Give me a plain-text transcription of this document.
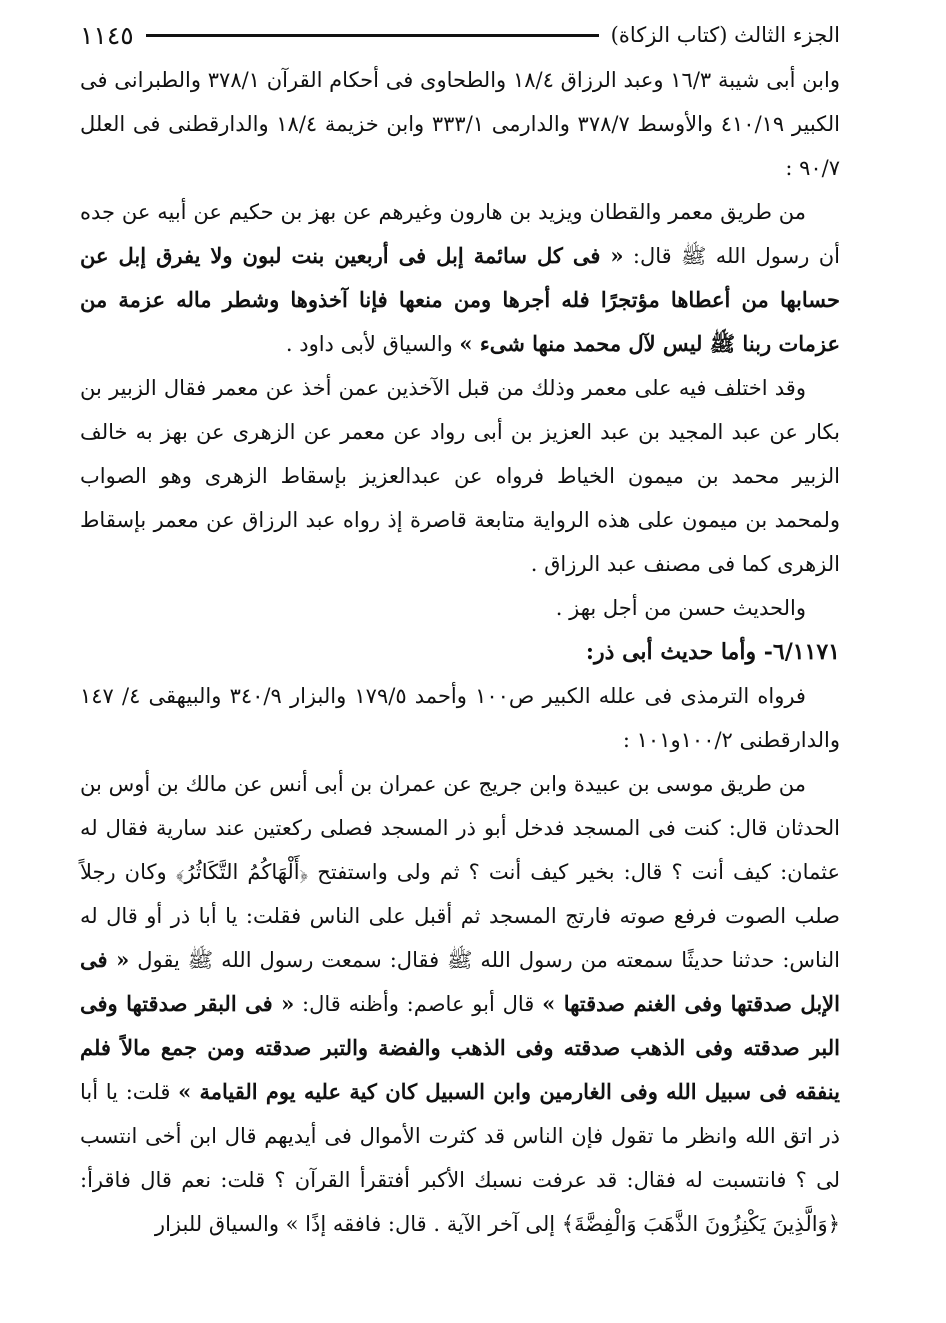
الجزء الثالث (كتاب الزكاة)
١١٤٥

وابن أبى شيبة ١٦/٣ وعبد الرزاق ١٨/٤ والطحاوى فى أحكام القرآن ٣٧٨/١ والطبرانى فى الكبير ٤١٠/١٩ والأوسط ٣٧٨/٧ والدارمى ٣٣٣/١ وابن خزيمة ١٨/٤ والدارقطنى فى العلل ٩٠/٧ :

من طريق معمر والقطان ويزيد بن هارون وغيرهم عن بهز بن حكيم عن أبيه عن جده أن رسول الله ﷺ قال: « فى كل سائمة إبل فى أربعين بنت لبون ولا يفرق إبل عن حسابها من أعطاها مؤتجرًا فله أجرها ومن منعها فإنا آخذوها وشطر ماله عزمة من عزمات ربنا ﷺ ليس لآل محمد منها شىء » والسياق لأبى داود .

وقد اختلف فيه على معمر وذلك من قبل الآخذين عمن أخذ عن معمر فقال الزبير بن بكار عن عبد المجيد بن عبد العزيز بن أبى رواد عن معمر عن الزهرى عن بهز به خالف الزبير محمد بن ميمون الخياط فرواه عن عبدالعزيز بإسقاط الزهرى وهو الصواب ولمحمد بن ميمون على هذه الرواية متابعة قاصرة إذ رواه عبد الرزاق عن معمر بإسقاط الزهرى كما فى مصنف عبد الرزاق .

والحديث حسن من أجل بهز .

٦/١١٧١- وأما حديث أبى ذر:

فرواه الترمذى فى علله الكبير ص١٠٠ وأحمد ١٧٩/٥ والبزار ٣٤٠/٩ والبيهقى ٤/ ١٤٧ والدارقطنى ١٠٠/٢و١٠١ :

من طريق موسى بن عبيدة وابن جريج عن عمران بن أبى أنس عن مالك بن أوس بن الحدثان قال: كنت فى المسجد فدخل أبو ذر المسجد فصلى ركعتين عند سارية فقال له عثمان: كيف أنت ؟ قال: بخير كيف أنت ؟ ثم ولى واستفتح ﴿أَلْهَاكُمُ التَّكَاثُرُ﴾ وكان رجلاً صلب الصوت فرفع صوته فارتج المسجد ثم أقبل على الناس فقلت: يا أبا ذر أو قال له الناس: حدثنا حديثًا سمعته من رسول الله ﷺ فقال: سمعت رسول الله ﷺ يقول « فى الإبل صدقتها وفى الغنم صدقتها » قال أبو عاصم: وأظنه قال: « فى البقر صدقتها وفى البر صدقته وفى الذهب صدقته وفى الذهب والفضة والتبر صدقته ومن جمع مالاً فلم ينفقه فى سبيل الله وفى الغارمين وابن السبيل كان كية عليه يوم القيامة » قلت: يا أبا ذر اتق الله وانظر ما تقول فإن الناس قد كثرت الأموال فى أيديهم قال ابن أخى انتسب لى ؟ فانتسبت له فقال: قد عرفت نسبك الأكبر أفتقرأ القرآن ؟ قلت: نعم قال فاقرأ: ﴿وَالَّذِينَ يَكْنِزُونَ الذَّهَبَ وَالْفِضَّةَ﴾ إلى آخر الآية . قال: فافقه إذًا » والسياق للبزار
